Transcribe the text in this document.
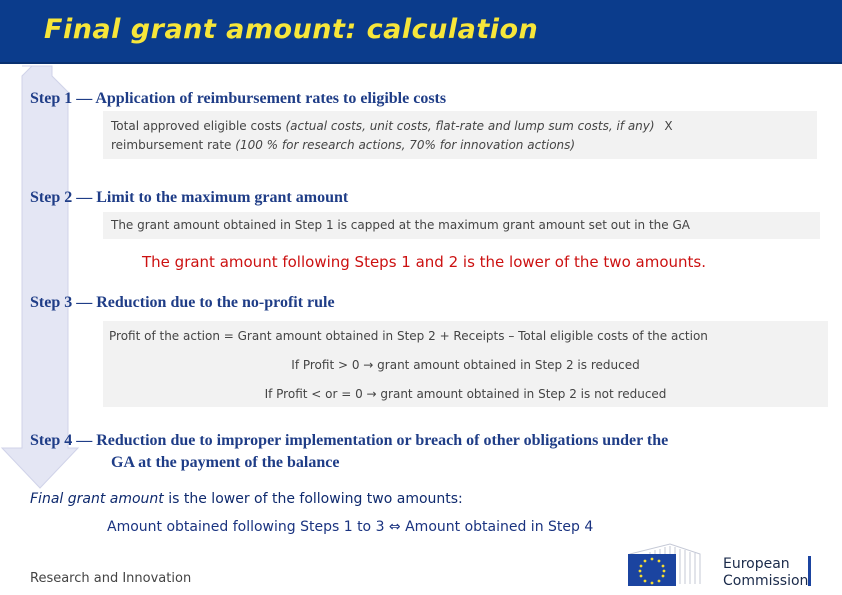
Final grant amount: calculation

Step 1 — Application of reimbursement rates to eligible costs

Total approved eligible costs (actual costs, unit costs, flat-rate and lump sum costs, if any) X
reimbursement rate (100 % for research actions, 70% for innovation actions)

Step 2 — Limit to the maximum grant amount

The grant amount obtained in Step 1 is capped at the maximum grant amount set out in the GA
The grant amount following Steps 1 and 2 is the lower of the two amounts.

Step 3 — Reduction due to the no-profit rule

Profit of the action = Grant amount obtained in Step 2 + Receipts – Total eligible costs of the action
If Profit > 0 → grant amount obtained in Step 2 is reduced
If Profit < or = 0 → grant amount obtained in Step 2 is not reduced

Step 4 — Reduction due to improper implementation or breach of other obligations under the

GA at the payment of the balance

Final grant amount is the lower of the following two amounts:
Amount obtained following Steps 1 to 3 ⇔ Amount obtained in Step 4
Research and Innovation
European
Commission
